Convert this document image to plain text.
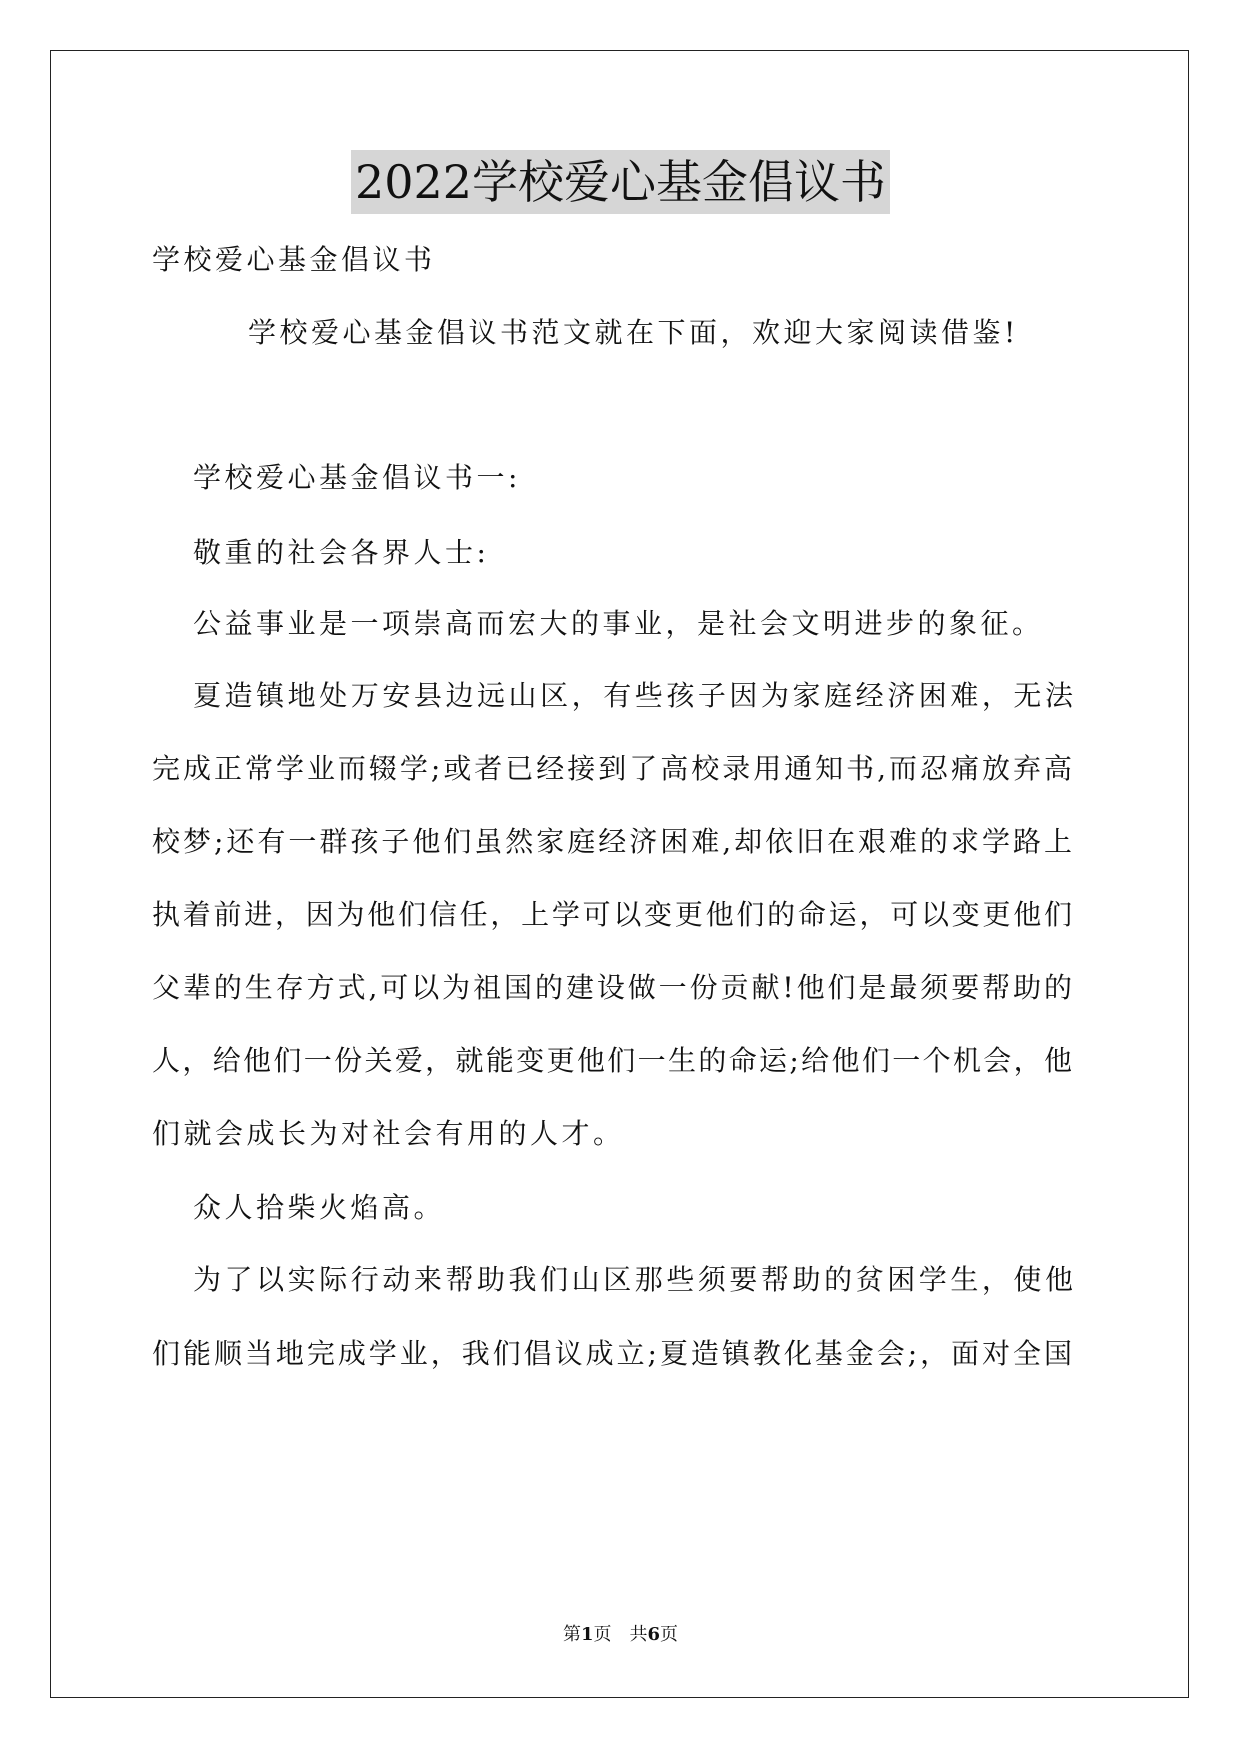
2022学校爱心基金倡议书
学校爱心基金倡议书
学校爱心基金倡议书范文就在下面，欢迎大家阅读借鉴!
学校爱心基金倡议书一:
敬重的社会各界人士:
公益事业是一项崇高而宏大的事业，是社会文明进步的象征。
夏造镇地处万安县边远山区，有些孩子因为家庭经济困难，无法
完成正常学业而辍学;或者已经接到了高校录用通知书,而忍痛放弃高
校梦;还有一群孩子他们虽然家庭经济困难,却依旧在艰难的求学路上
执着前进，因为他们信任，上学可以变更他们的命运，可以变更他们
父辈的生存方式,可以为祖国的建设做一份贡献!他们是最须要帮助的
人，给他们一份关爱，就能变更他们一生的命运;给他们一个机会，他
们就会成长为对社会有用的人才。
众人拾柴火焰高。
为了以实际行动来帮助我们山区那些须要帮助的贫困学生，使他
们能顺当地完成学业，我们倡议成立;夏造镇教化基金会;，面对全国
第1页　共6页
